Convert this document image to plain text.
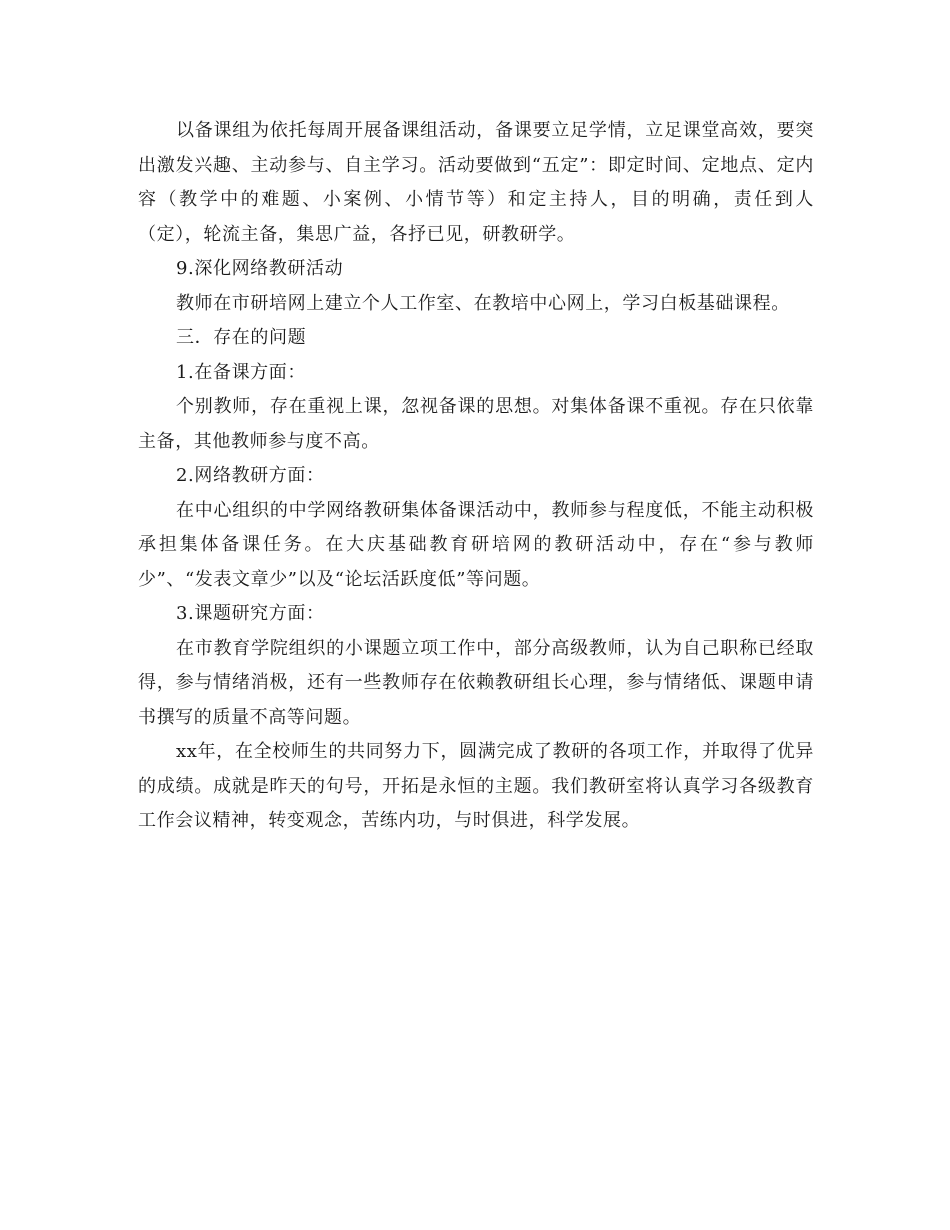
以备课组为依托每周开展备课组活动，备课要立足学情，立足课堂高效，要突出激发兴趣、主动参与、自主学习。活动要做到“五定”：即定时间、定地点、定内容（教学中的难题、小案例、小情节等）和定主持人，目的明确，责任到人（定），轮流主备，集思广益，各抒已见，研教研学。

9.深化网络教研活动

教师在市研培网上建立个人工作室、在教培中心网上，学习白板基础课程。

三．存在的问题

1.在备课方面：

个别教师，存在重视上课，忽视备课的思想。对集体备课不重视。存在只依靠主备，其他教师参与度不高。

2.网络教研方面：

在中心组织的中学网络教研集体备课活动中，教师参与程度低，不能主动积极承担集体备课任务。在大庆基础教育研培网的教研活动中，存在“参与教师少”、“发表文章少”以及“论坛活跃度低”等问题。

3.课题研究方面：

在市教育学院组织的小课题立项工作中，部分高级教师，认为自己职称已经取得，参与情绪消极，还有一些教师存在依赖教研组长心理，参与情绪低、课题申请书撰写的质量不高等问题。

xx年，在全校师生的共同努力下，圆满完成了教研的各项工作，并取得了优异的成绩。成就是昨天的句号，开拓是永恒的主题。我们教研室将认真学习各级教育工作会议精神，转变观念，苦练内功，与时俱进，科学发展。
